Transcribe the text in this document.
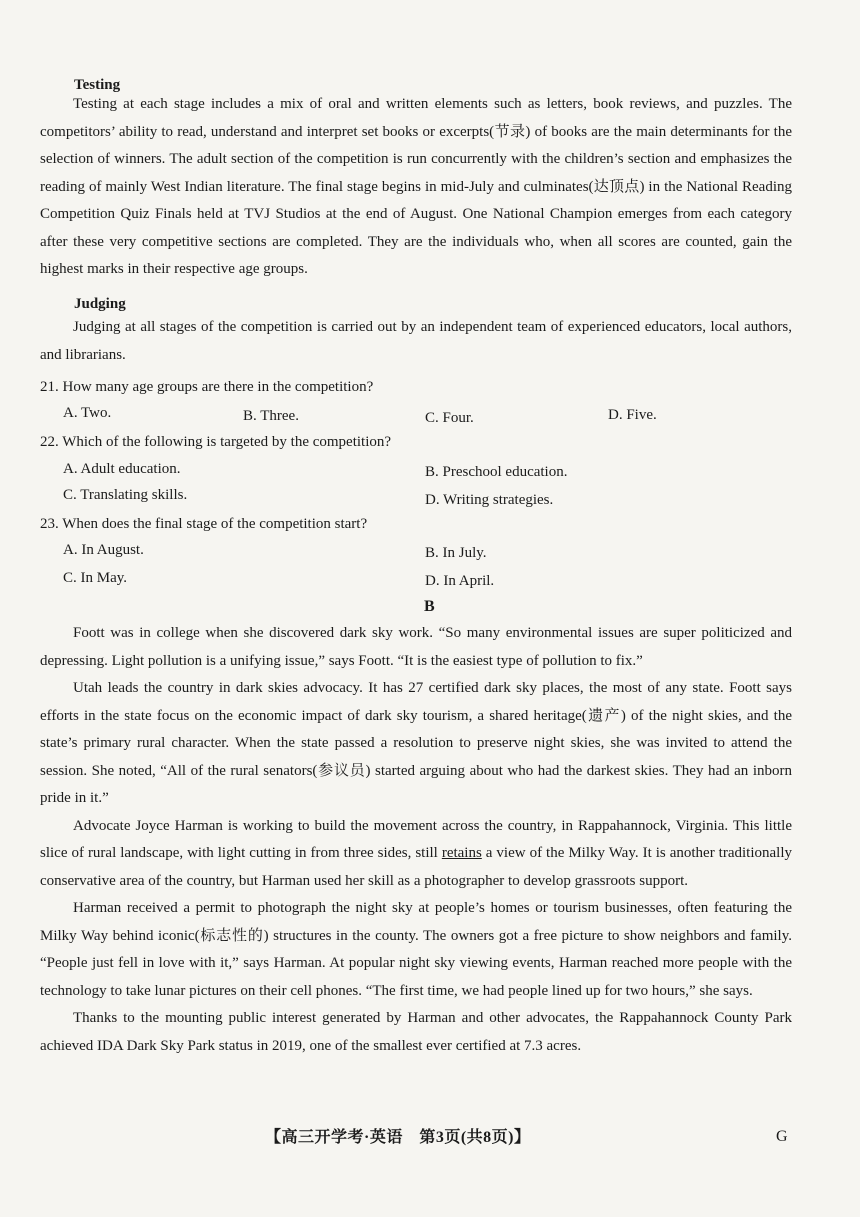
Testing

Testing at each stage includes a mix of oral and written elements such as letters, book reviews, and puzzles. The competitors’ ability to read, understand and interpret set books or excerpts(节录) of books are the main determinants for the selection of winners. The adult section of the competition is run concurrently with the children’s section and emphasizes the reading of mainly West Indian literature. The final stage begins in mid-July and culminates(达顶点) in the National Reading Competition Quiz Finals held at TVJ Studios at the end of August. One National Champion emerges from each category after these very competitive sections are completed. They are the individuals who, when all scores are counted, gain the highest marks in their respective age groups.

Judging

Judging at all stages of the competition is carried out by an independent team of experienced educators, local authors, and librarians.

21. How many age groups are there in the competition?
A. Two.	B. Three.	C. Four.	D. Five.
22. Which of the following is targeted by the competition?
A. Adult education.	B. Preschool education.
C. Translating skills.	D. Writing strategies.
23. When does the final stage of the competition start?
A. In August.	B. In July.
C. In May.	D. In April.
B

Foott was in college when she discovered dark sky work. “So many environmental issues are super politicized and depressing. Light pollution is a unifying issue,” says Foott. “It is the easiest type of pollution to fix.”

Utah leads the country in dark skies advocacy. It has 27 certified dark sky places, the most of any state. Foott says efforts in the state focus on the economic impact of dark sky tourism, a shared heritage(遗产) of the night skies, and the state’s primary rural character. When the state passed a resolution to preserve night skies, she was invited to attend the session. She noted, “All of the rural senators(参议员) started arguing about who had the darkest skies. They had an inborn pride in it.”

Advocate Joyce Harman is working to build the movement across the country, in Rappahannock, Virginia. This little slice of rural landscape, with light cutting in from three sides, still retains a view of the Milky Way. It is another traditionally conservative area of the country, but Harman used her skill as a photographer to develop grassroots support.

Harman received a permit to photograph the night sky at people’s homes or tourism businesses, often featuring the Milky Way behind iconic(标志性的) structures in the county. The owners got a free picture to show neighbors and family. “People just fell in love with it,” says Harman. At popular night sky viewing events, Harman reached more people with the technology to take lunar pictures on their cell phones. “The first time, we had people lined up for two hours,” she says.

Thanks to the mounting public interest generated by Harman and other advocates, the Rappahannock County Park achieved IDA Dark Sky Park status in 2019, one of the smallest ever certified at 7.3 acres.

【高三开学考·英语　第3页(共8页)】	G
